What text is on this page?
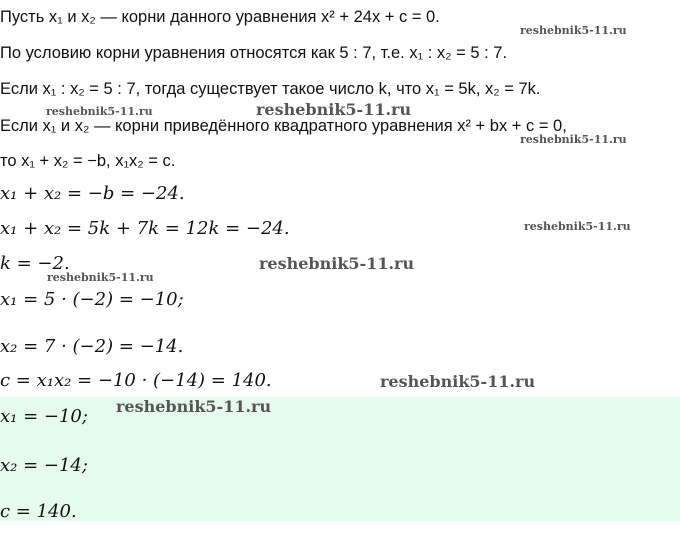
Пусть x₁ и x₂ — корни данного уравнения x² + 24x + c = 0.
По условию корни уравнения относятся как 5 : 7, т.е. x₁ : x₂ = 5 : 7.
Если x₁ : x₂ = 5 : 7, тогда существует такое число k, что x₁ = 5k, x₂ = 7k.
Если x₁ и x₂ — корни приведённого квадратного уравнения x² + bx + c = 0,
то x₁ + x₂ = −b, x₁x₂ = c.
x₁ + x₂ = −b = −24.
x₁ + x₂ = 5k + 7k = 12k = −24.
k = −2.
x₁ = 5 · (−2) = −10;
x₂ = 7 · (−2) = −14.
c = x₁x₂ = −10 · (−14) = 140.
x₁ = −10;
x₂ = −14;
c = 140.
reshebnik5-11.ru
reshebnik5-11.ru	reshebnik5-11.ru
reshebnik5-11.ru
reshebnik5-11.ru
reshebnik5-11.ru
reshebnik5-11.ru
reshebnik5-11.ru
reshebnik5-11.ru
